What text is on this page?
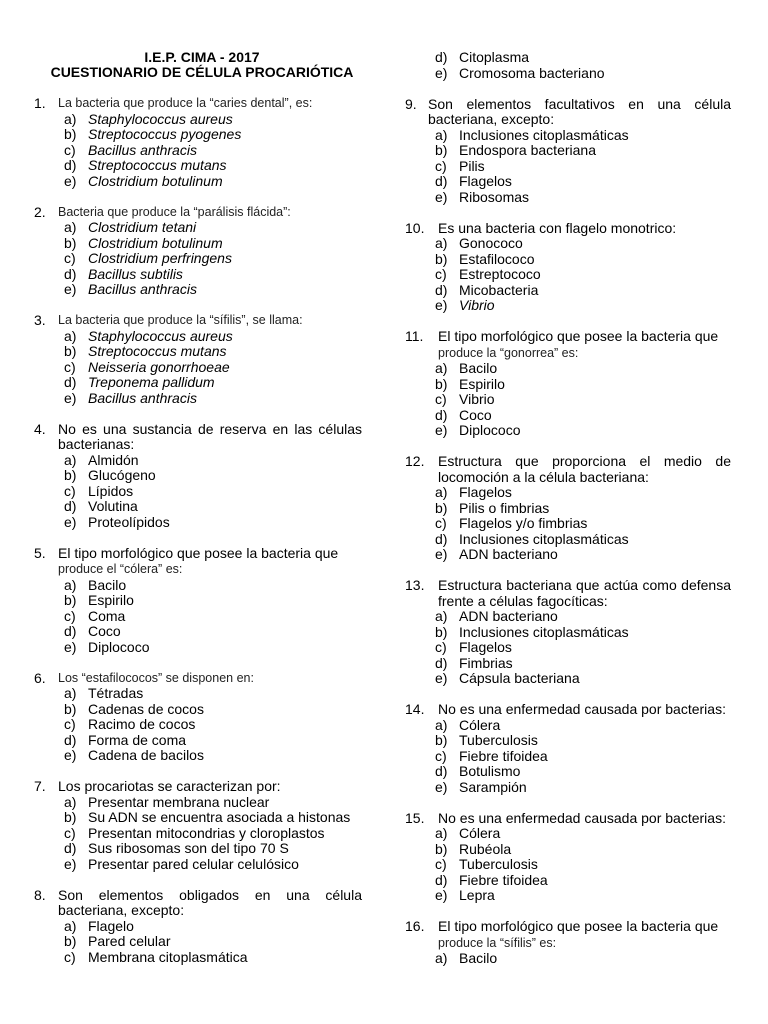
I.E.P. CIMA - 2017
CUESTIONARIO DE CÉLULA PROCARIÓTICA
1. La bacteria que produce la “caries dental”, es:
a) Staphylococcus aureus
b) Streptococcus pyogenes
c) Bacillus anthracis
d) Streptococcus mutans
e) Clostridium botulinum
2. Bacteria que produce la “parálisis flácida”:
a) Clostridium tetani
b) Clostridium botulinum
c) Clostridium perfringens
d) Bacillus subtilis
e) Bacillus anthracis
3. La bacteria que produce la “sífilis”, se llama:
a) Staphylococcus aureus
b) Streptococcus mutans
c) Neisseria gonorrhoeae
d) Treponema pallidum
e) Bacillus anthracis
4. No es una sustancia de reserva en las células bacterianas:
a) Almidón
b) Glucógeno
c) Lípidos
d) Volutina
e) Proteolípidos
5. El tipo morfológico que posee la bacteria que
produce el “cólera” es:
a) Bacilo
b) Espirilo
c) Coma
d) Coco
e) Diplococo
6. Los “estafilococos” se disponen en:
a) Tétradas
b) Cadenas de cocos
c) Racimo de cocos
d) Forma de coma
e) Cadena de bacilos
7. Los procariotas se caracterizan por:
a) Presentar membrana nuclear
b) Su ADN se encuentra asociada a histonas
c) Presentan mitocondrias y cloroplastos
d) Sus ribosomas son del tipo 70 S
e) Presentar pared celular celulósico
8. Son elementos obligados en una célula bacteriana, excepto:
a) Flagelo
b) Pared celular
c) Membrana citoplasmática
d) Citoplasma
e) Cromosoma bacteriano
9. Son elementos facultativos en una célula bacteriana, excepto:
a) Inclusiones citoplasmáticas
b) Endospora bacteriana
c) Pilis
d) Flagelos
e) Ribosomas
10. Es una bacteria con flagelo monotrico:
a) Gonococo
b) Estafilococo
c) Estreptococo
d) Micobacteria
e) Vibrio
11.	El tipo morfológico que posee la bacteria que
produce la “gonorrea” es:
a) Bacilo
b) Espirilo
c) Vibrio
d) Coco
e) Diplococo
12. Estructura que proporciona el medio de locomoción a la célula bacteriana:
a) Flagelos
b) Pilis o fimbrias
c) Flagelos y/o fimbrias
d) Inclusiones citoplasmáticas
e) ADN bacteriano
13. Estructura bacteriana que actúa como defensa frente a células fagocíticas:
a) ADN bacteriano
b) Inclusiones citoplasmáticas
c) Flagelos
d) Fimbrias
e) Cápsula bacteriana
14. No es una enfermedad causada por bacterias:
a) Cólera
b) Tuberculosis
c) Fiebre tifoidea
d) Botulismo
e) Sarampión
15. No es una enfermedad causada por bacterias:
a) Cólera
b) Rubéola
c) Tuberculosis
d) Fiebre tifoidea
e) Lepra
16. El tipo morfológico que posee la bacteria que
produce la “sífilis” es:
a) Bacilo
